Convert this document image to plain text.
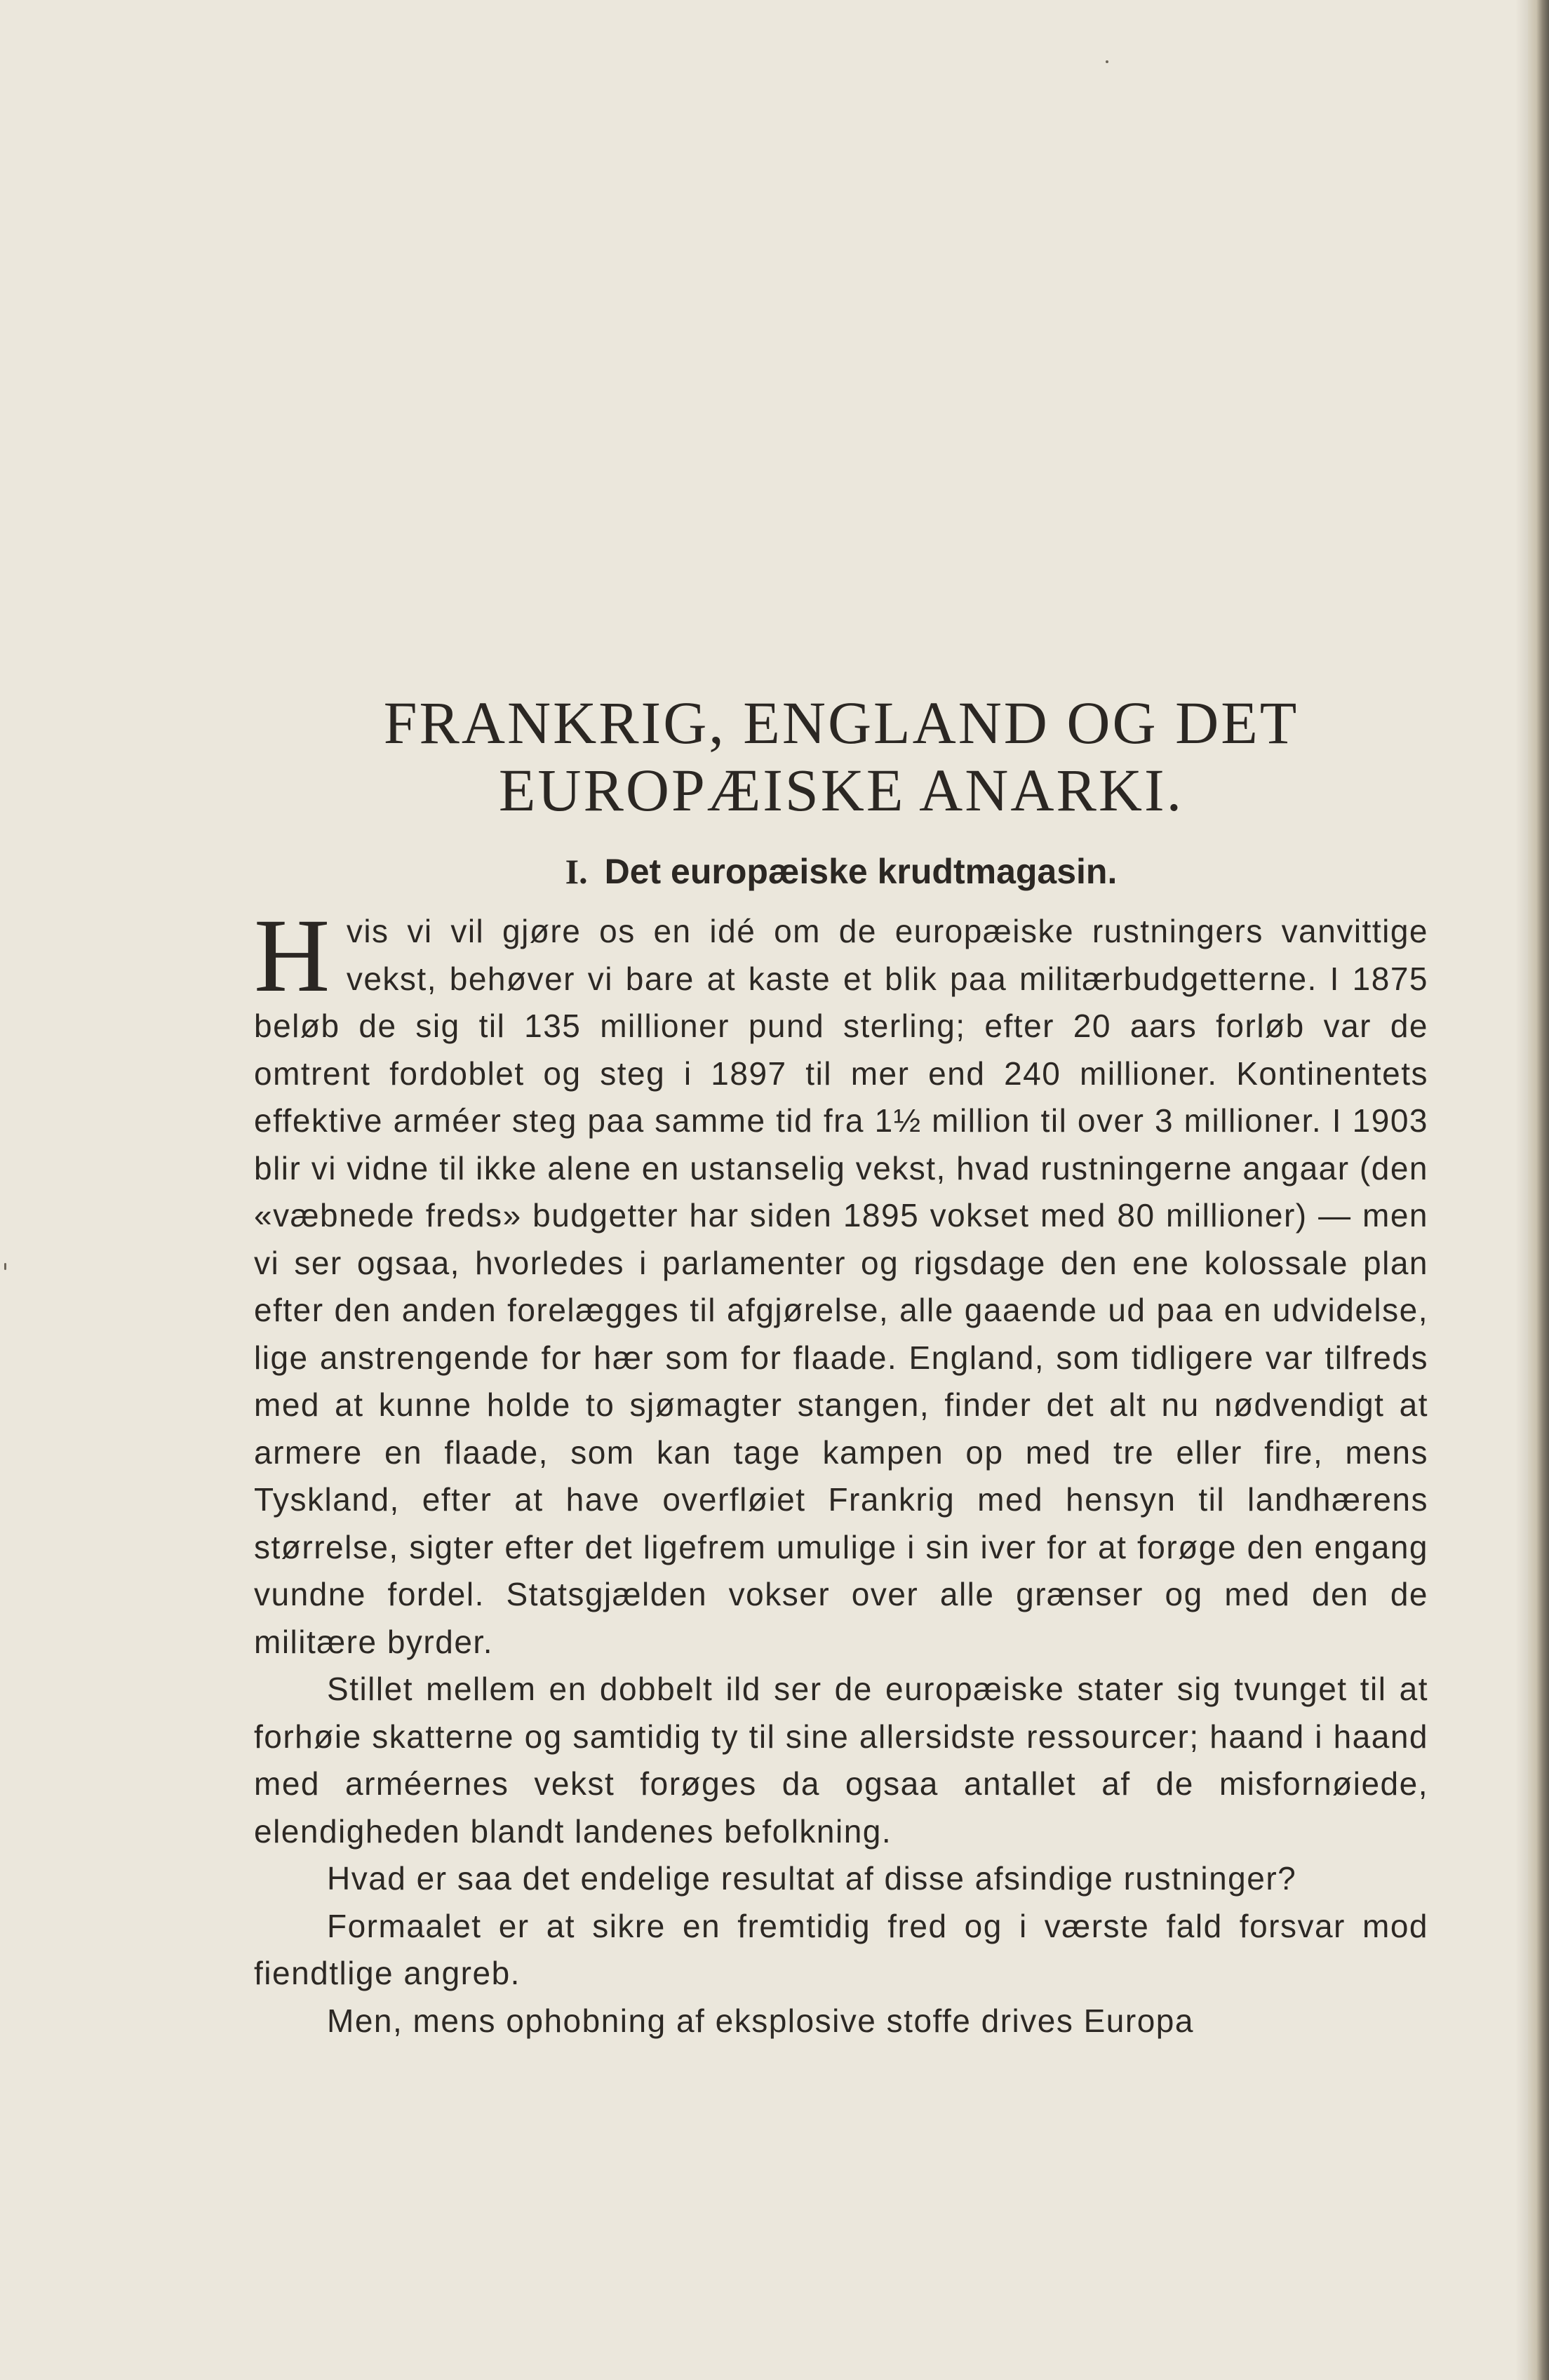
FRANKRIG, ENGLAND OG DET
EUROPÆISKE ANARKI.
I. Det europæiske krudtmagasin.

Hvis vi vil gjøre os en idé om de europæiske rustningers vanvittige vekst, behøver vi bare at kaste et blik paa militærbudgetterne. I 1875 beløb de sig til 135 millioner pund sterling; efter 20 aars forløb var de omtrent fordoblet og steg i 1897 til mer end 240 millioner. Kontinentets effektive arméer steg paa samme tid fra 1½ million til over 3 millioner. I 1903 blir vi vidne til ikke alene en ustanselig vekst, hvad rustningerne angaar (den «væbnede freds» budgetter har siden 1895 vokset med 80 millioner) — men vi ser ogsaa, hvorledes i parlamenter og rigsdage den ene kolossale plan efter den anden forelægges til afgjørelse, alle gaaende ud paa en udvidelse, lige anstrengende for hær som for flaade. England, som tidligere var tilfreds med at kunne holde to sjømagter stangen, finder det alt nu nødvendigt at armere en flaade, som kan tage kampen op med tre eller fire, mens Tyskland, efter at have overfløiet Frankrig med hensyn til landhærens størrelse, sigter efter det ligefrem umulige i sin iver for at forøge den engang vundne fordel. Statsgjælden vokser over alle grænser og med den de militære byrder.

Stillet mellem en dobbelt ild ser de europæiske stater sig tvunget til at forhøie skatterne og samtidig ty til sine allersidste ressourcer; haand i haand med arméernes vekst forøges da ogsaa antallet af de misfornøiede, elendigheden blandt landenes befolkning.

Hvad er saa det endelige resultat af disse afsindige rustninger?

Formaalet er at sikre en fremtidig fred og i værste fald forsvar mod fiendtlige angreb.

Men, mens ophobning af eksplosive stoffe drives Europa
